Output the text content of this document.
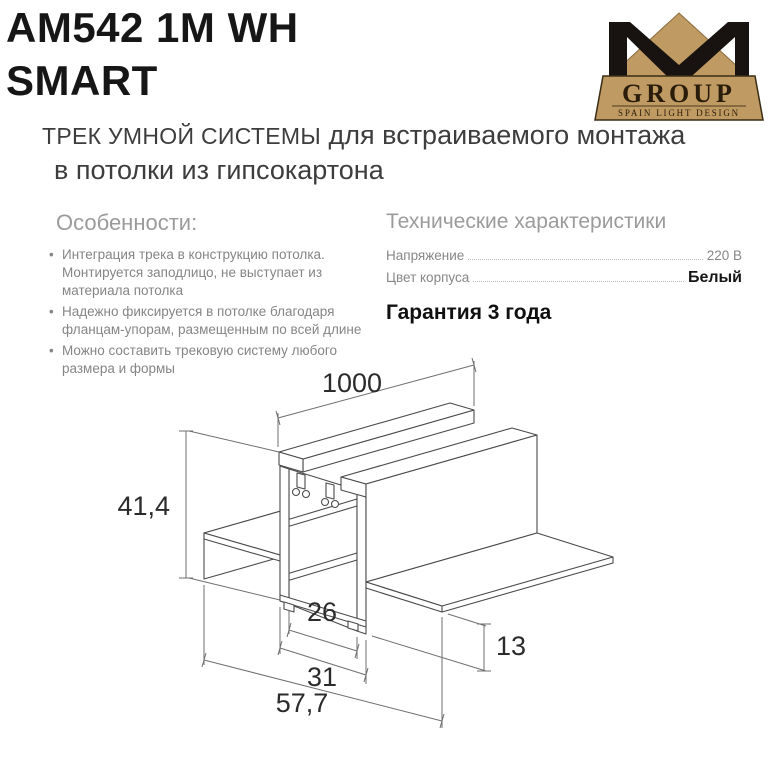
AM542 1M WH
SMART	GROUP
SPAIN LIGHT DESIGN
ТРЕК УМНОЙ СИСТЕМЫ для встраиваемого монтажа
в потолки из гипсокартона
Особенности:
• Интеграция трека в конструкцию потолка. Монтируется заподлицо, не выступает из материала потолка
• Надежно фиксируется в потолке благодаря фланцам-упорам, размещенным по всей длине
• Можно составить трековую систему любого размера и формы
Технические характеристики
Напряжение	220 В
Цвет корпуса	Белый
Гарантия 3 года
1000
41,4
26
31
57,7
13
